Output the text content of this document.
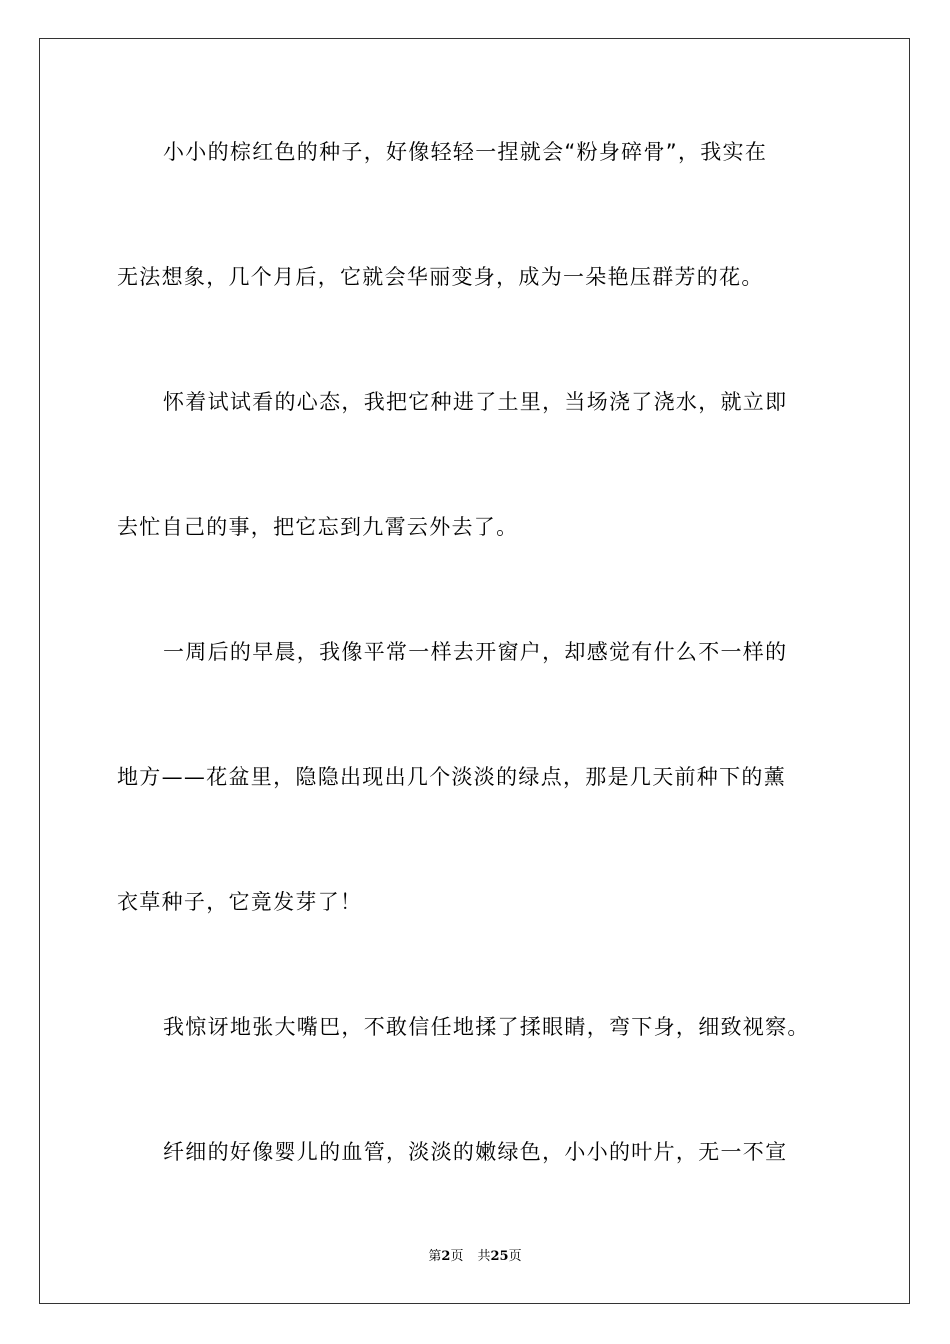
小小的棕红色的种子，好像轻轻一捏就会“粉身碎骨”，我实在
无法想象，几个月后，它就会华丽变身，成为一朵艳压群芳的花。
怀着试试看的心态，我把它种进了土里，当场浇了浇水，就立即
去忙自己的事，把它忘到九霄云外去了。
一周后的早晨，我像平常一样去开窗户，却感觉有什么不一样的
地方——花盆里，隐隐出现出几个淡淡的绿点，那是几天前种下的薰
衣草种子，它竟发芽了！
我惊讶地张大嘴巴，不敢信任地揉了揉眼睛，弯下身，细致视察。
纤细的好像婴儿的血管，淡淡的嫩绿色，小小的叶片，无一不宣
第2页 共25页
